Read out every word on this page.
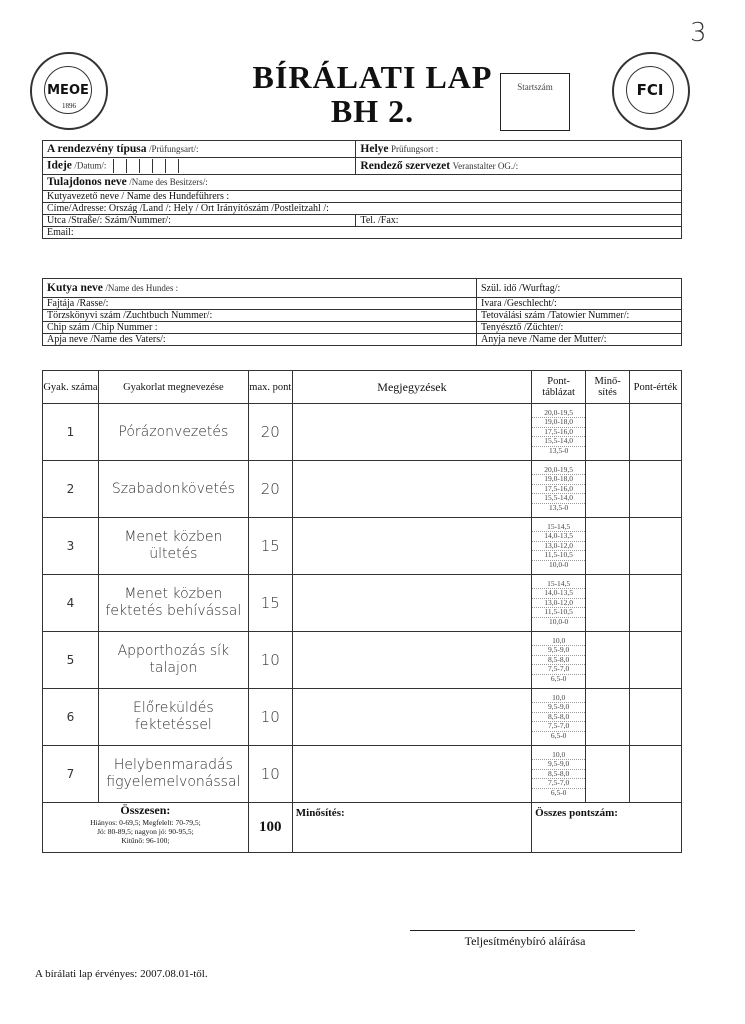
3
MEOE
1896
BÍRÁLATI LAP
BH 2.
Startszám	FCI
A rendezvény típusa /Prüfungsart/:	Helye Prüfungsort :
Ideje /Datum/:	Rendező szervezet Veranstalter OG./:
Tulajdonos neve /Name des Besitzers/:	
Kutyavezető neve / Name des Hundeführers :	
Címe/Adresse: Ország /Land /: Hely / Ort Irányítószám /Postleitzahl /:	
Utca /Straße/: Szám/Nummer/:	Tel. /Fax:
Email:	
Kutya neve /Name des Hundes :	Szül. idő /Wurftag/:
Fajtája /Rasse/:	Ivara /Geschlecht/:
Törzskönyvi szám /Zuchtbuch Nummer/:	Tetoválási szám /Tatowier Nummer/:
Chip szám /Chip Nummer :	Tenyésztő /Züchter/:
Apja neve /Name des Vaters/:	Anyja neve /Name der Mutter/:
Gyak. száma	Gyakorlat megnevezése	max. pont	Megjegyzések	Pont-táblázat	Minő-sítés	Pont-érték
1	Pórázonvezetés	20		20,0-19,5
19,0-18,0
17,5-16,0
15,5-14,0
13,5-0		

2	Szabadonkövetés	20		20,0-19,5
19,0-18,0
17,5-16,0
15,5-14,0
13,5-0		

3	Menet közben ültetés	15		15-14,5
14,0-13,5
13,0-12,0
11,5-10,5
10,0-0		

4	Menet közben fektetés behívással	15		15-14,5
14,0-13,5
13,0-12,0
11,5-10,5
10,0-0		

5	Apporthozás sík talajon	10		10,0
9,5-9,0
8,5-8,0
7,5-7,0
6,5-0		

6	Előreküldés fektetéssel	10		10,0
9,5-9,0
8,5-8,0
7,5-7,0
6,5-0		

7	Helybenmaradás figyelemelvonással	10		10,0
9,5-9,0
8,5-8,0
7,5-7,0
6,5-0		

Összesen:
Hiányos: 0-69,5; Megfelelt: 70-79,5;
Jó: 80-89,5; nagyon jó: 90-95,5;
Kitűnő: 96-100;		100	Minősítés:	Összes pontszám:		
Teljesítménybíró aláírása
A bírálati lap érvényes: 2007.08.01-től.
